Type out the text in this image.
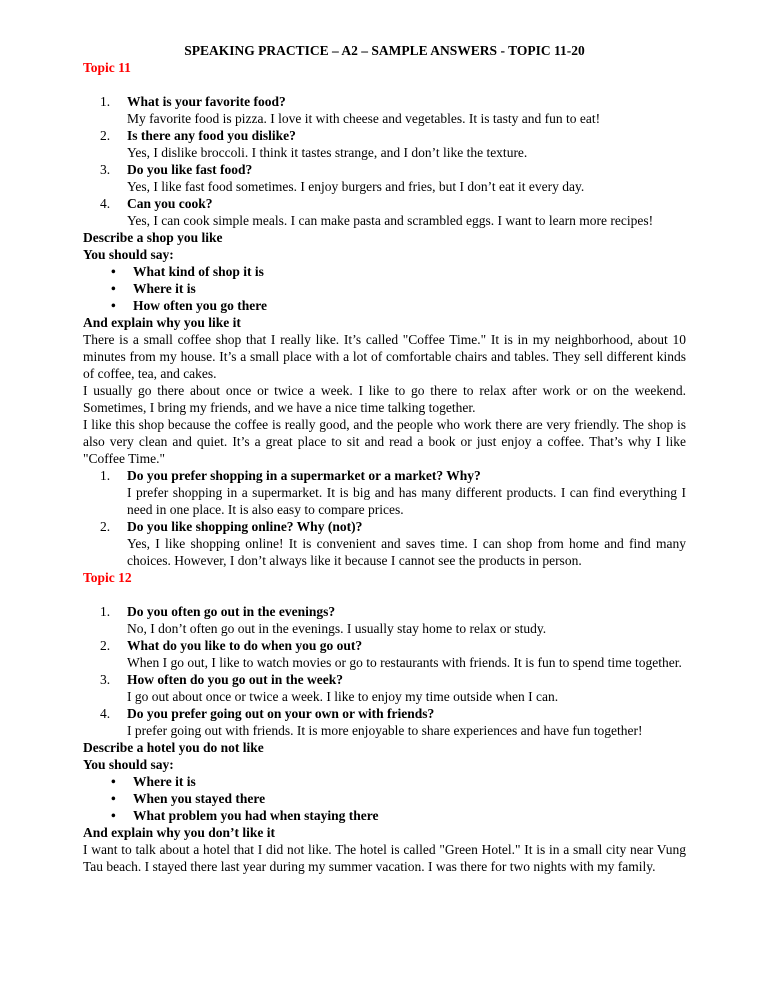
SPEAKING PRACTICE – A2 – SAMPLE ANSWERS - TOPIC 11-20
Topic 11
1.	What is your favorite food?
My favorite food is pizza. I love it with cheese and vegetables. It is tasty and fun to eat!
2.	Is there any food you dislike?
Yes, I dislike broccoli. I think it tastes strange, and I don’t like the texture.
3.	Do you like fast food?
Yes, I like fast food sometimes. I enjoy burgers and fries, but I don’t eat it every day.
4.	Can you cook?
Yes, I can cook simple meals. I can make pasta and scrambled eggs. I want to learn more recipes!
Describe a shop you like
You should say:
•	What kind of shop it is
•	Where it is
•	How often you go there
And explain why you like it
There is a small coffee shop that I really like. It’s called "Coffee Time." It is in my neighborhood, about 10 minutes from my house. It’s a small place with a lot of comfortable chairs and tables. They sell different kinds of coffee, tea, and cakes.
I usually go there about once or twice a week. I like to go there to relax after work or on the weekend. Sometimes, I bring my friends, and we have a nice time talking together.
I like this shop because the coffee is really good, and the people who work there are very friendly. The shop is also very clean and quiet. It’s a great place to sit and read a book or just enjoy a coffee. That’s why I like "Coffee Time."
1.	Do you prefer shopping in a supermarket or a market? Why?
I prefer shopping in a supermarket. It is big and has many different products. I can find everything I need in one place. It is also easy to compare prices.
2.	Do you like shopping online? Why (not)?
Yes, I like shopping online! It is convenient and saves time. I can shop from home and find many choices. However, I don’t always like it because I cannot see the products in person.
Topic 12
1.	Do you often go out in the evenings?
No, I don’t often go out in the evenings. I usually stay home to relax or study.
2.	What do you like to do when you go out?
When I go out, I like to watch movies or go to restaurants with friends. It is fun to spend time together.
3.	How often do you go out in the week?
I go out about once or twice a week. I like to enjoy my time outside when I can.
4.	Do you prefer going out on your own or with friends?
I prefer going out with friends. It is more enjoyable to share experiences and have fun together!
Describe a hotel you do not like
You should say:
•	Where it is
•	When you stayed there
•	What problem you had when staying there
And explain why you don’t like it
I want to talk about a hotel that I did not like. The hotel is called "Green Hotel." It is in a small city near Vung Tau beach. I stayed there last year during my summer vacation. I was there for two nights with my family.
